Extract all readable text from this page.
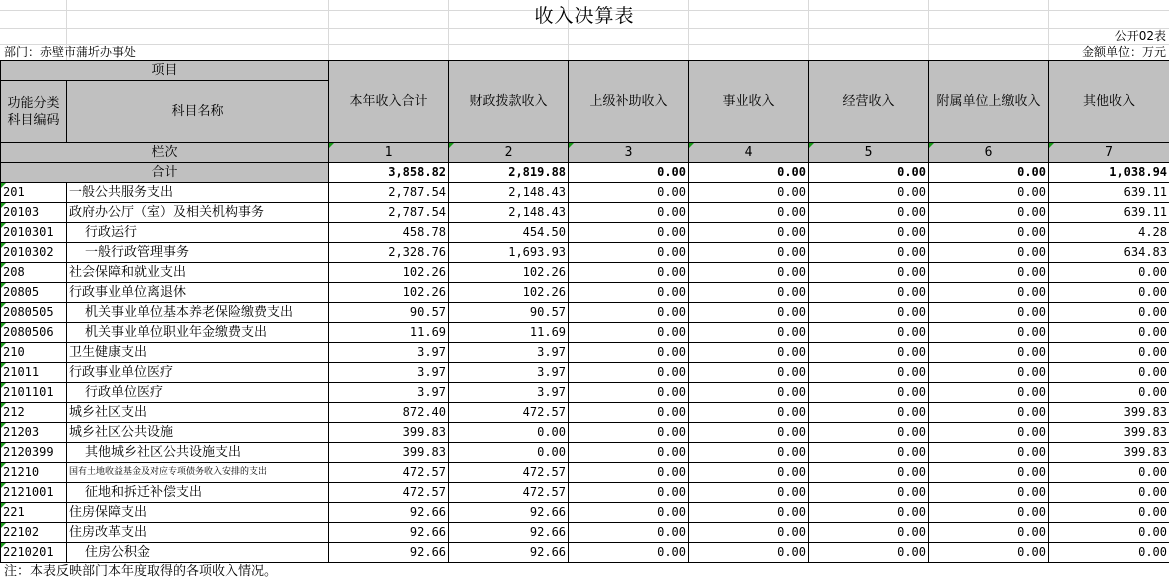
收入决算表
公开02表
部门：赤壁市蒲圻办事处	金额单位：万元
项目		本年收入合计	财政拨款收入	上级补助收入	事业收入	经营收入	附属单位上缴收入	其他收入
功能分类科目编码	科目名称							
栏次		1	2	3	4	5	6	7
合计		3,858.82	2,819.88	0.00	0.00	0.00	0.00	1,038.94
201	一般公共服务支出	2,787.54	2,148.43	0.00	0.00	0.00	0.00	639.11
20103	政府办公厅（室）及相关机构事务	2,787.54	2,148.43	0.00	0.00	0.00	0.00	639.11
2010301	行政运行	458.78	454.50	0.00	0.00	0.00	0.00	4.28
2010302	一般行政管理事务	2,328.76	1,693.93	0.00	0.00	0.00	0.00	634.83
208	社会保障和就业支出	102.26	102.26	0.00	0.00	0.00	0.00	0.00
20805	行政事业单位离退休	102.26	102.26	0.00	0.00	0.00	0.00	0.00
2080505	机关事业单位基本养老保险缴费支出	90.57	90.57	0.00	0.00	0.00	0.00	0.00
2080506	机关事业单位职业年金缴费支出	11.69	11.69	0.00	0.00	0.00	0.00	0.00
210	卫生健康支出	3.97	3.97	0.00	0.00	0.00	0.00	0.00
21011	行政事业单位医疗	3.97	3.97	0.00	0.00	0.00	0.00	0.00
2101101	行政单位医疗	3.97	3.97	0.00	0.00	0.00	0.00	0.00
212	城乡社区支出	872.40	472.57	0.00	0.00	0.00	0.00	399.83
21203	城乡社区公共设施	399.83	0.00	0.00	0.00	0.00	0.00	399.83
2120399	其他城乡社区公共设施支出	399.83	0.00	0.00	0.00	0.00	0.00	399.83
21210	国有土地收益基金及对应专项债务收入安排的支出	472.57	472.57	0.00	0.00	0.00	0.00	0.00
2121001	征地和拆迁补偿支出	472.57	472.57	0.00	0.00	0.00	0.00	0.00
221	住房保障支出	92.66	92.66	0.00	0.00	0.00	0.00	0.00
22102	住房改革支出	92.66	92.66	0.00	0.00	0.00	0.00	0.00
2210201	住房公积金	92.66	92.66	0.00	0.00	0.00	0.00	0.00
注：本表反映部门本年度取得的各项收入情况。
